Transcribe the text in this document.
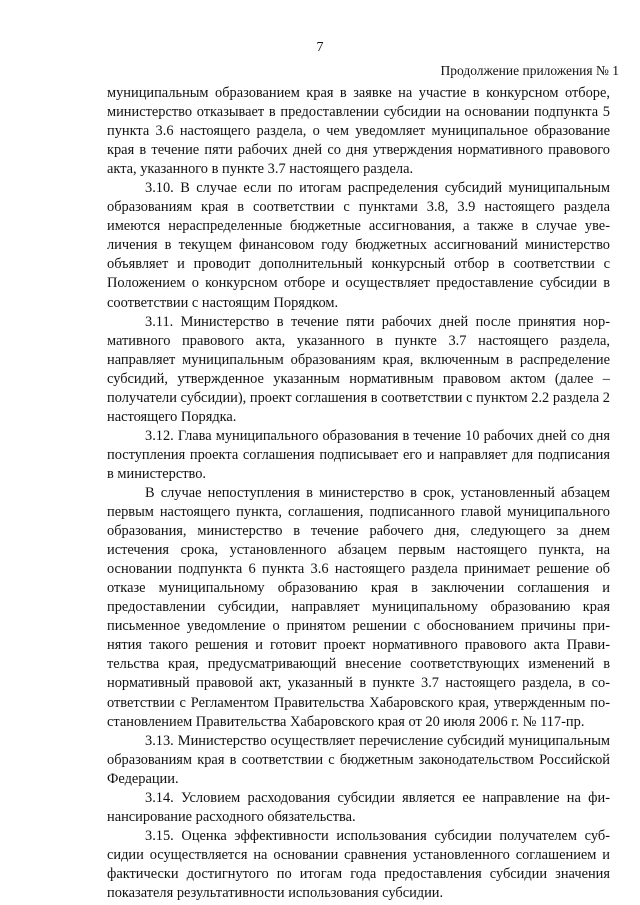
7
Продолжение приложения № 1

муниципальным образованием края в заявке на участие в конкурсном отборе, министерство отказывает в предоставлении субсидии на основании подпункта 5 пункта 3.6 настоящего раздела, о чем уведомляет муниципальное образование края в течение пяти рабочих дней со дня утверждения нормативного правового акта, указанного в пункте 3.7 настоящего раздела.

3.10. В случае если по итогам распределения субсидий муниципальным образованиям края в соответствии с пунктами 3.8, 3.9 настоящего раздела имеются нераспределенные бюджетные ассигнования, а также в случае увеличения в текущем финансовом году бюджетных ассигнований министерство объявляет и проводит дополнительный конкурсный отбор в соответствии с Положением о конкурсном отборе и осуществляет предоставление субсидии в соответствии с настоящим Порядком.

3.11. Министерство в течение пяти рабочих дней после принятия нормативного правового акта, указанного в пункте 3.7 настоящего раздела, направляет муниципальным образованиям края, включенным в распределение субсидий, утвержденное указанным нормативным правовом актом (далее – получатели субсидии), проект соглашения в соответствии с пунктом 2.2 раздела 2 настоящего Порядка.

3.12. Глава муниципального образования в течение 10 рабочих дней со дня поступления проекта соглашения подписывает его и направляет для подписания в министерство.

В случае непоступления в министерство в срок, установленный абзацем первым настоящего пункта, соглашения, подписанного главой муниципального образования, министерство в течение рабочего дня, следующего за днем истечения срока, установленного абзацем первым настоящего пункта, на основании подпункта 6 пункта 3.6 настоящего раздела принимает решение об отказе муниципальному образованию края в заключении соглашения и предоставлении субсидии, направляет муниципальному образованию края письменное уведомление о принятом решении с обоснованием причины принятия такого решения и готовит проект нормативного правового акта Правительства края, предусматривающий внесение соответствующих изменений в нормативный правовой акт, указанный в пункте 3.7 настоящего раздела, в соответствии с Регламентом Правительства Хабаровского края, утвержденным постановлением Правительства Хабаровского края от 20 июля 2006 г. № 117-пр.

3.13. Министерство осуществляет перечисление субсидий муниципальным образованиям края в соответствии с бюджетным законодательством Российской Федерации.

3.14. Условием расходования субсидии является ее направление на финансирование расходного обязательства.

3.15. Оценка эффективности использования субсидии получателем субсидии осуществляется на основании сравнения установленного соглашением и фактически достигнутого по итогам года предоставления субсидии значения показателя результативности использования субсидии.
